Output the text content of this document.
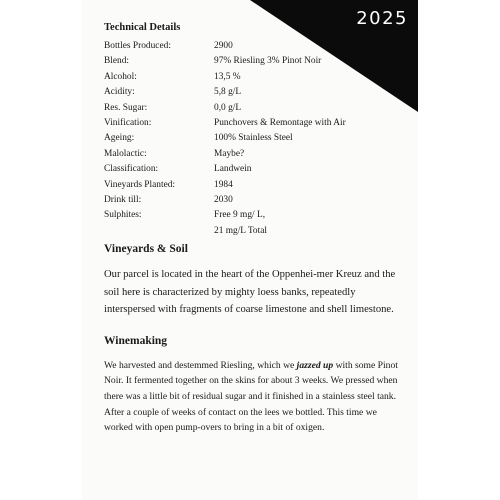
2025
Technical Details
Bottles Produced:	2900
Blend:	97% Riesling 3% Pinot Noir
Alcohol:	13,5 %
Acidity:	5,8 g/L
Res. Sugar:	0,0 g/L
Vinification:	Punchovers & Remontage with Air
Ageing:	100% Stainless Steel
Malolactic:	Maybe?
Classification:	Landwein
Vineyards Planted:	1984
Drink till:	2030
Sulphites:	Free 9 mg/ L,
21 mg/L Total
Vineyards & Soil

Our parcel is located in the heart of the Oppenhei-mer Kreuz and the soil here is characterized by mighty loess banks, repeatedly interspersed with fragments of coarse limestone and shell limestone.

Winemaking

We harvested and destemmed Riesling, which we jazzed up with some Pinot Noir. It fermented together on the skins for about 3 weeks. We pressed when there was a little bit of residual sugar and it finished in a stainless steel tank. After a couple of weeks of contact on the lees we bottled. This time we worked with open pump-overs to bring in a bit of oxigen.
